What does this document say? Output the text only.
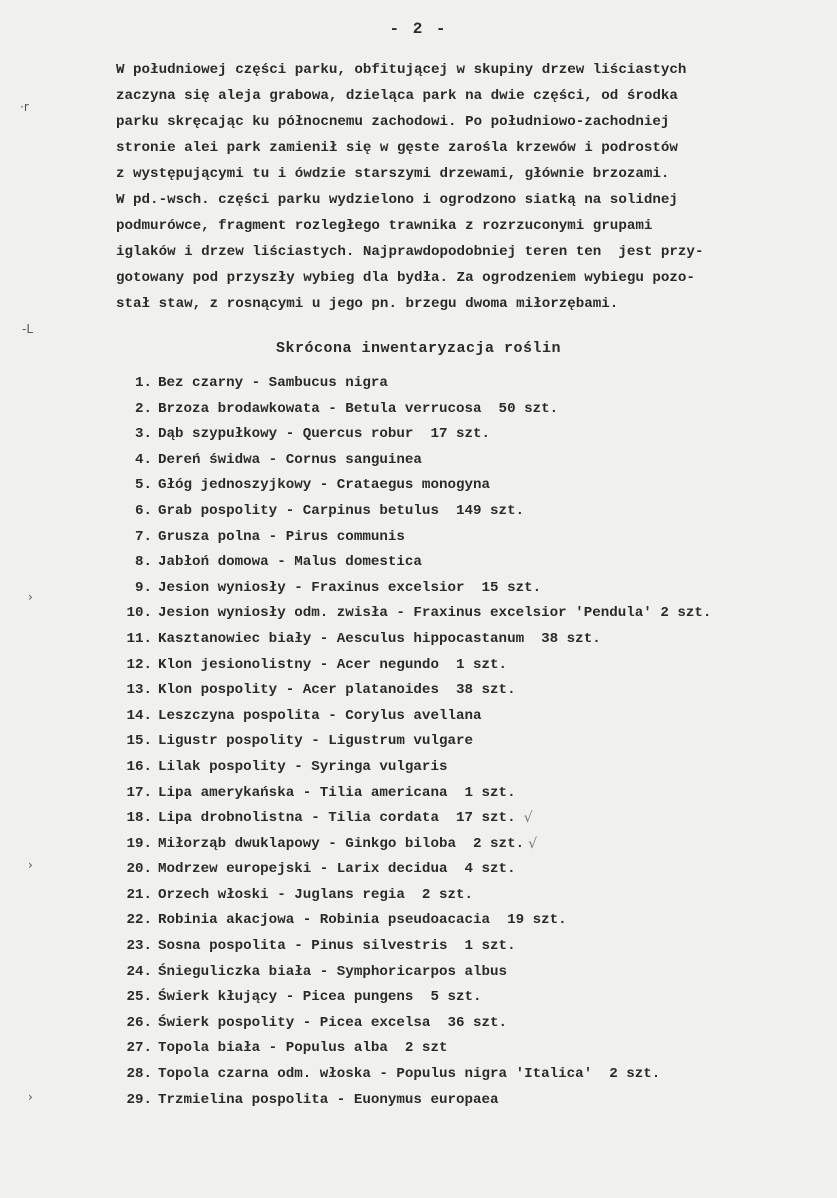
- 2 -
W południowej części parku, obfitującej w skupiny drzew liściastych
zaczyna się aleja grabowa, dzieląca park na dwie części, od środka
parku skręcając ku północnemu zachodowi. Po południowo-zachodniej
stronie alei park zamienił się w gęste zarośla krzewów i podrostów
z występującymi tu i ówdzie starszymi drzewami, głównie brzozami.
W pd.-wsch. części parku wydzielono i ogrodzono siatką na solidnej
podmurówce, fragment rozległego trawnika z rozrzuconymi grupami
iglaków i drzew liściastych. Najprawdopodobniej teren ten  jest przy-
gotowany pod przyszły wybieg dla bydła. Za ogrodzeniem wybiegu pozo-
stał staw, z rosnącymi u jego pn. brzegu dwoma miłorzębami.
Skrócona inwentaryzacja roślin
1. Bez czarny - Sambucus nigra
2. Brzoza brodawkowata - Betula verrucosa  50 szt.
3. Dąb szypułkowy - Quercus robur  17 szt.
4. Dereń świdwa - Cornus sanguinea
5. Głóg jednoszyjkowy - Crataegus monogyna
6. Grab pospolity - Carpinus betulus  149 szt.
7. Grusza polna - Pirus communis
8. Jabłoń domowa - Malus domestica
9. Jesion wyniosły - Fraxinus excelsior  15 szt.
10. Jesion wyniosły odm. zwisła - Fraxinus excelsior 'Pendula' 2 szt.
11. Kasztanowiec biały - Aesculus hippocastanum  38 szt.
12. Klon jesionolistny - Acer negundo  1 szt.
13. Klon pospolity - Acer platanoides  38 szt.
14. Leszczyna pospolita - Corylus avellana
15. Ligustr pospolity - Ligustrum vulgare
16. Lilak pospolity - Syringa vulgaris
17. Lipa amerykańska - Tilia americana  1 szt.
18. Lipa drobnolistna - Tilia cordata  17 szt. √
19. Miłorząb dwuklapowy - Ginkgo biloba  2 szt. √
20. Modrzew europejski - Larix decidua  4 szt.
21. Orzech włoski - Juglans regia  2 szt.
22. Robinia akacjowa - Robinia pseudoacacia  19 szt.
23. Sosna pospolita - Pinus silvestris  1 szt.
24. Śnieguliczka biała - Symphoricarpos albus
25. Świerk kłujący - Picea pungens  5 szt.
26. Świerk pospolity - Picea excelsa  36 szt.
27. Topola biała - Populus alba  2 szt
28. Topola czarna odm. włoska - Populus nigra 'Italica'  2 szt.
29. Trzmielina pospolita - Euonymus europaea
·r
-L
›
›
›
